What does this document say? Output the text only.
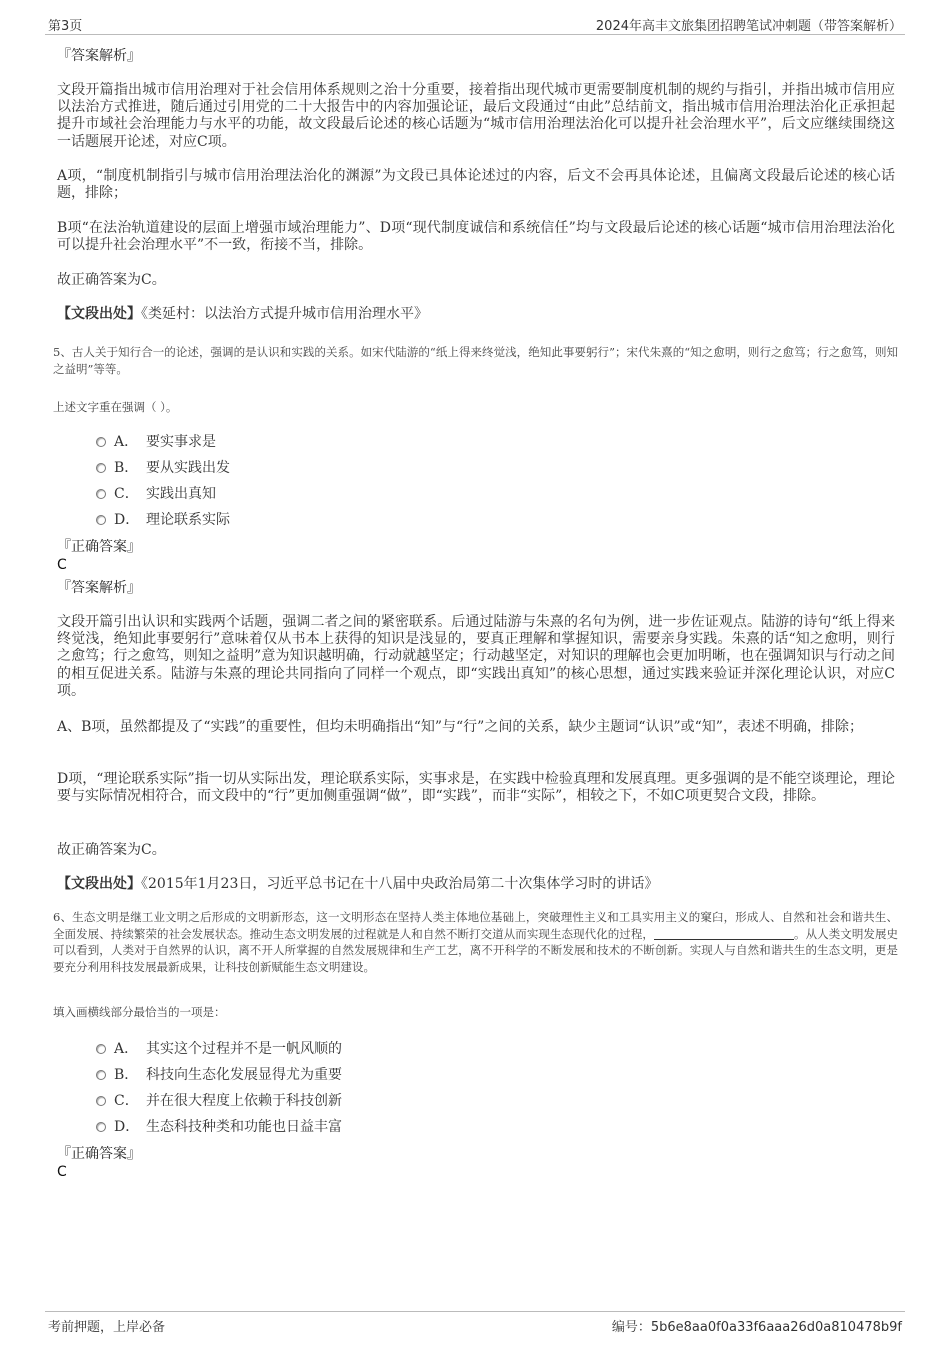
第3页	2024年高丰文旅集团招聘笔试冲刺题（带答案解析）
『答案解析』

文段开篇指出城市信用治理对于社会信用体系规则之治十分重要，接着指出现代城市更需要制度机制的规约与指引，并指出城市信用应以法治方式推进，随后通过引用党的二十大报告中的内容加强论证，最后文段通过“由此”总结前文，指出城市信用治理法治化正承担起提升市域社会治理能力与水平的功能，故文段最后论述的核心话题为“城市信用治理法治化可以提升社会治理水平”，后文应继续围绕这一话题展开论述，对应C项。

A项，“制度机制指引与城市信用治理法治化的渊源”为文段已具体论述过的内容，后文不会再具体论述，且偏离文段最后论述的核心话题，排除；

B项“在法治轨道建设的层面上增强市域治理能力”、D项“现代制度诚信和系统信任”均与文段最后论述的核心话题“城市信用治理法治化可以提升社会治理水平”不一致，衔接不当，排除。

故正确答案为C。

【文段出处】《类延村：以法治方式提升城市信用治理水平》

5、古人关于知行合一的论述，强调的是认识和实践的关系。如宋代陆游的“纸上得来终觉浅，绝知此事要躬行”；宋代朱熹的“知之愈明，则行之愈笃；行之愈笃，则知之益明”等等。

上述文字重在强调（ ）。
A． 要实事求是
B． 要从实践出发
C． 实践出真知
D． 理论联系实际
『正确答案』
C
『答案解析』

文段开篇引出认识和实践两个话题，强调二者之间的紧密联系。后通过陆游与朱熹的名句为例，进一步佐证观点。陆游的诗句“纸上得来终觉浅，绝知此事要躬行”意味着仅从书本上获得的知识是浅显的，要真正理解和掌握知识，需要亲身实践。朱熹的话“知之愈明，则行之愈笃；行之愈笃，则知之益明”意为知识越明确，行动就越坚定；行动越坚定，对知识的理解也会更加明晰，也在强调知识与行动之间的相互促进关系。陆游与朱熹的理论共同指向了同样一个观点，即“实践出真知”的核心思想，通过实践来验证并深化理论认识，对应C项。

A、B项，虽然都提及了“实践”的重要性，但均未明确指出“知”与“行”之间的关系，缺少主题词“认识”或“知”，表述不明确，排除；

D项，“理论联系实际”指一切从实际出发，理论联系实际，实事求是，在实践中检验真理和发展真理。更多强调的是不能空谈理论，理论要与实际情况相符合，而文段中的“行”更加侧重强调“做”，即“实践”，而非“实际”，相较之下，不如C项更契合文段，排除。

故正确答案为C。

【文段出处】《2015年1月23日，习近平总书记在十八届中央政治局第二十次集体学习时的讲话》

6、生态文明是继工业文明之后形成的文明新形态，这一文明形态在坚持人类主体地位基础上，突破理性主义和工具实用主义的窠臼，形成人、自然和社会和谐共生、全面发展、持续繁荣的社会发展状态。推动生态文明发展的过程就是人和自然不断打交道从而实现生态现代化的过程，	。从人类文明发展史可以看到，人类对于自然界的认识，离不开人所掌握的自然发展规律和生产工艺，离不开科学的不断发展和技术的不断创新。实现人与自然和谐共生的生态文明，更是要充分利用科技发展最新成果，让科技创新赋能生态文明建设。

填入画横线部分最恰当的一项是：
A． 其实这个过程并不是一帆风顺的
B． 科技向生态化发展显得尤为重要
C． 并在很大程度上依赖于科技创新
D． 生态科技种类和功能也日益丰富
『正确答案』
C
考前押题，上岸必备	编号：5b6e8aa0f0a33f6aaa26d0a810478b9f
